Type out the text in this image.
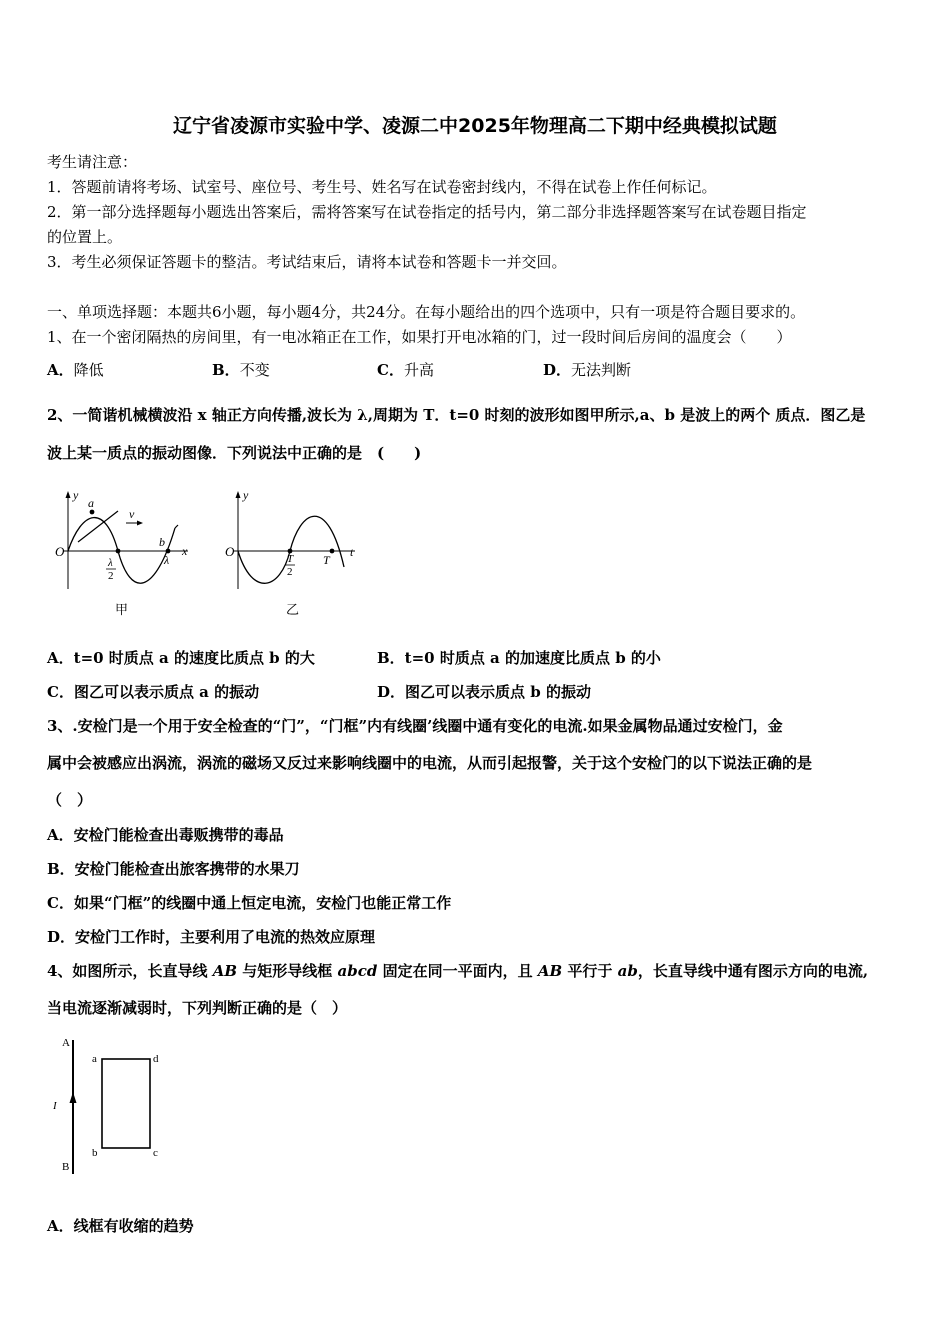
辽宁省凌源市实验中学、凌源二中2025年物理高二下期中经典模拟试题
考生请注意：
1．答题前请将考场、试室号、座位号、考生号、姓名写在试卷密封线内，不得在试卷上作任何标记。
2．第一部分选择题每小题选出答案后，需将答案写在试卷指定的括号内，第二部分非选择题答案写在试卷题目指定
的位置上。
3．考生必须保证答题卡的整洁。考试结束后，请将本试卷和答题卡一并交回。
一、单项选择题：本题共6小题，每小题4分，共24分。在每小题给出的四个选项中，只有一项是符合题目要求的。
1、在一个密闭隔热的房间里，有一电冰箱正在工作，如果打开电冰箱的门，过一段时间后房间的温度会（　　）
A．降低	B．不变	C．升高	D．无法判断
2、一简谐机械横波沿 x 轴正方向传播,波长为 λ,周期为 T．t=0 时刻的波形如图甲所示,a、b 是波上的两个 质点．图乙是
波上某一质点的振动图像．下列说法中正确的是　(　　)
y
a
v
O
b
λ
x
λ
2
甲
y
O	T
2
T
t
乙
A．t=0 时质点 a 的速度比质点 b 的大	B．t=0 时质点 a 的加速度比质点 b 的小
C．图乙可以表示质点 a 的振动	D．图乙可以表示质点 b 的振动
3、.安检门是一个用于安全检查的“门”，“门框”内有线圈’线圈中通有变化的电流.如果金属物品通过安检门，金
属中会被感应出涡流，涡流的磁场又反过来影响线圈中的电流，从而引起报警，关于这个安检门的以下说法正确的是
（　）
A．安检门能检查出毒贩携带的毒品
B．安检门能检查出旅客携带的水果刀
C．如果“门框”的线圈中通上恒定电流，安检门也能正常工作
D．安检门工作时，主要利用了电流的热效应原理
4、如图所示，长直导线 AB 与矩形导线框 abcd 固定在同一平面内，且 AB 平行于 ab，长直导线中通有图示方向的电流,
当电流逐渐减弱时，下列判断正确的是（　）
A
B
I
a	d
b	c
A．线框有收缩的趋势
